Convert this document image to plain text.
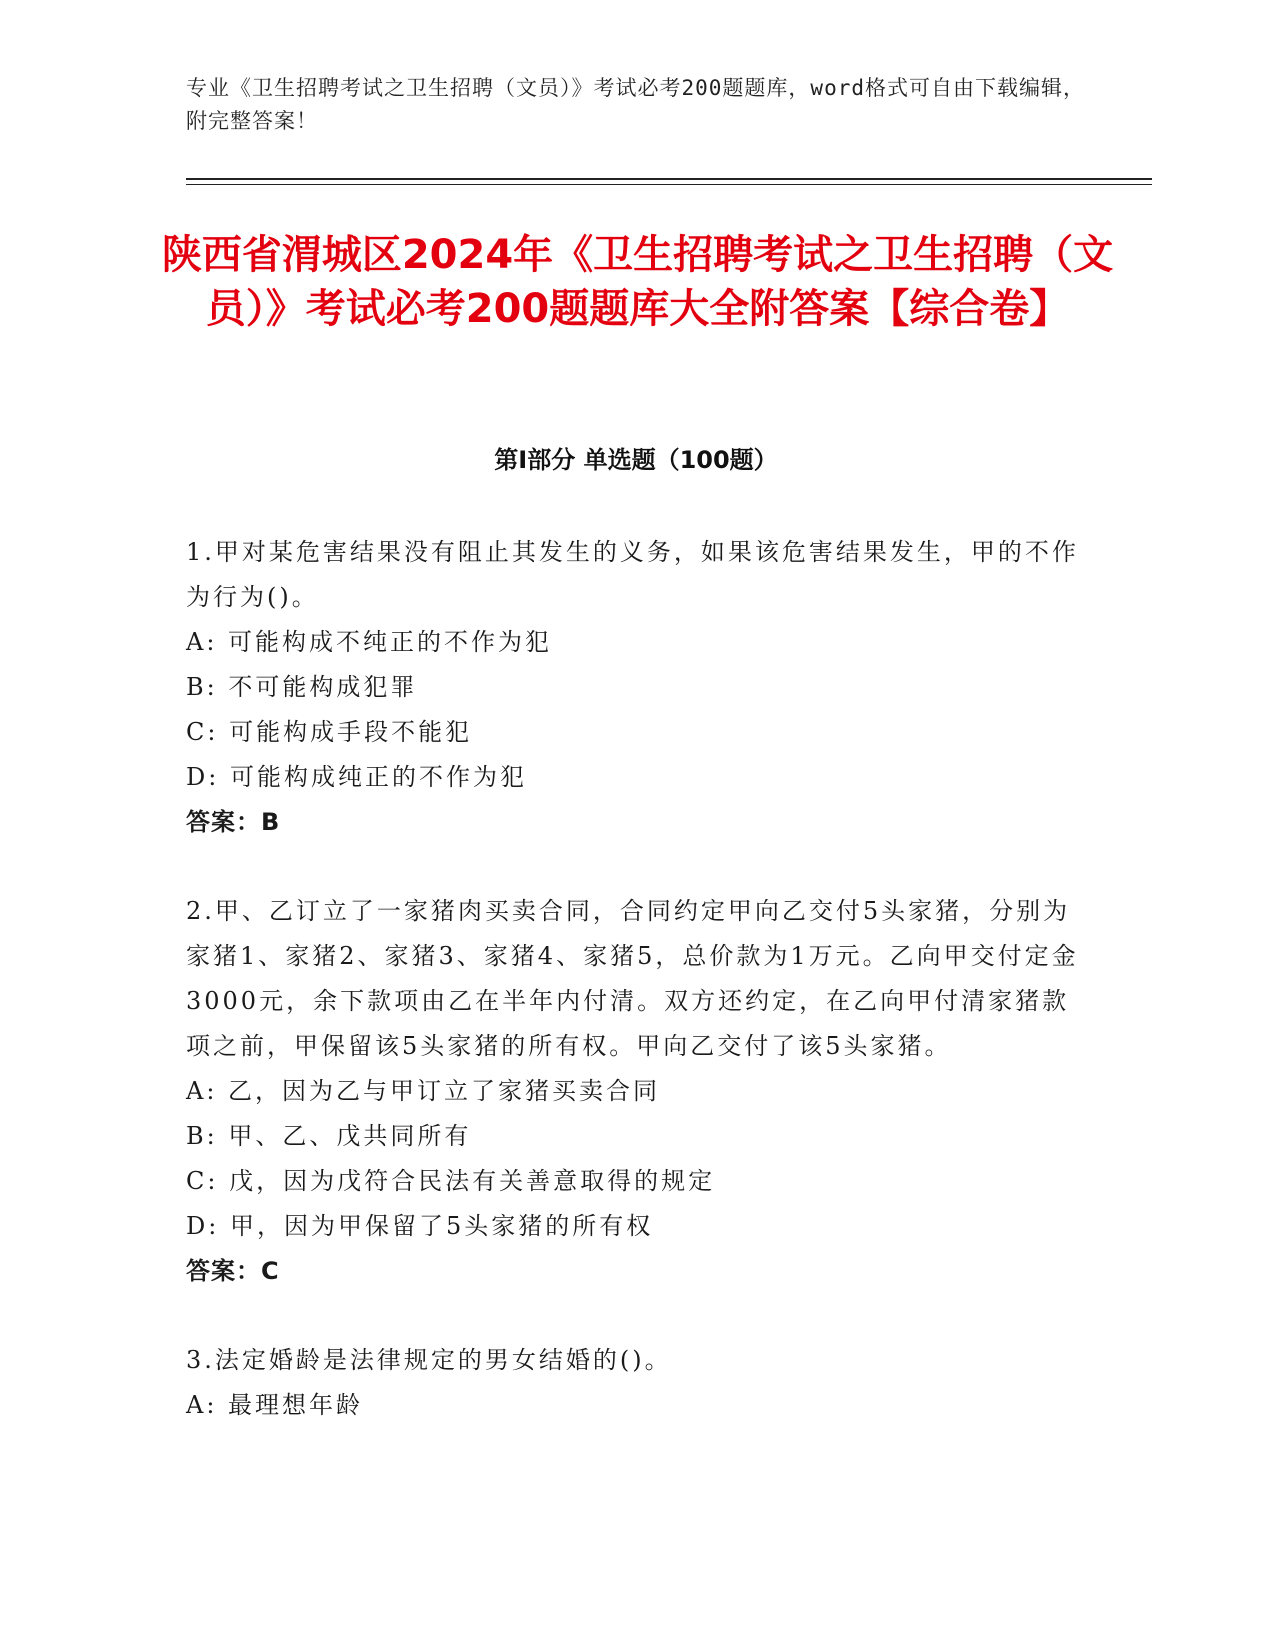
专业《卫生招聘考试之卫生招聘（文员）》考试必考200题题库，word格式可自由下载编辑，附完整答案！
陕西省渭城区2024年《卫生招聘考试之卫生招聘（文员）》考试必考200题题库大全附答案【综合卷】
第Ⅰ部分 单选题（100题）
1.甲对某危害结果没有阻止其发生的义务，如果该危害结果发生，甲的不作为行为()。
A: 可能构成不纯正的不作为犯
B: 不可能构成犯罪
C: 可能构成手段不能犯
D: 可能构成纯正的不作为犯
答案：B
2.甲、乙订立了一家猪肉买卖合同，合同约定甲向乙交付5头家猪，分别为家猪1、家猪2、家猪3、家猪4、家猪5，总价款为1万元。乙向甲交付定金3000元，余下款项由乙在半年内付清。双方还约定，在乙向甲付清家猪款项之前，甲保留该5头家猪的所有权。甲向乙交付了该5头家猪。
A: 乙，因为乙与甲订立了家猪买卖合同
B: 甲、乙、戊共同所有
C: 戊，因为戊符合民法有关善意取得的规定
D: 甲，因为甲保留了5头家猪的所有权
答案：C
3.法定婚龄是法律规定的男女结婚的()。
A: 最理想年龄
